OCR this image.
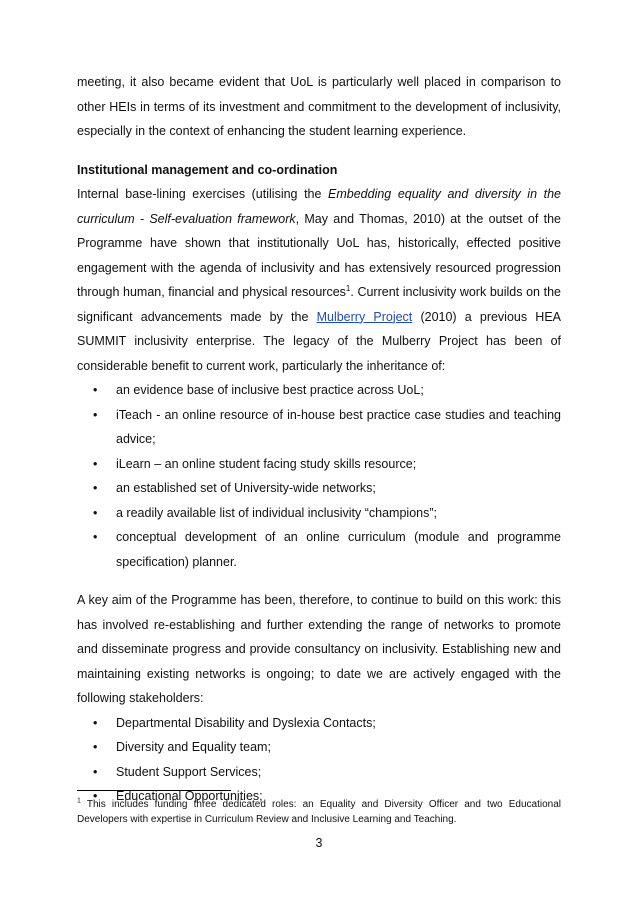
meeting, it also became evident that UoL is particularly well placed in comparison to other HEIs in terms of its investment and commitment to the development of inclusivity, especially in the context of enhancing the student learning experience.

Institutional management and co-ordination

Internal base-lining exercises (utilising the Embedding equality and diversity in the curriculum - Self-evaluation framework, May and Thomas, 2010) at the outset of the Programme have shown that institutionally UoL has, historically, effected positive engagement with the agenda of inclusivity and has extensively resourced progression through human, financial and physical resources$^1$. Current inclusivity work builds on the significant advancements made by the Mulberry Project (2010) a previous HEA SUMMIT inclusivity enterprise. The legacy of the Mulberry Project has been of considerable benefit to current work, particularly the inheritance of:

• an evidence base of inclusive best practice across UoL;
• iTeach - an online resource of in-house best practice case studies and teaching advice;
• iLearn – an online student facing study skills resource;
• an established set of University-wide networks;
• a readily available list of individual inclusivity “champions”;
• conceptual development of an online curriculum (module and programme specification) planner.

A key aim of the Programme has been, therefore, to continue to build on this work: this has involved re-establishing and further extending the range of networks to promote and disseminate progress and provide consultancy on inclusivity. Establishing new and maintaining existing networks is ongoing; to date we are actively engaged with the following stakeholders:

• Departmental Disability and Dyslexia Contacts;
• Diversity and Equality team;
• Student Support Services;
• Educational Opportunities;
$^1$ This includes funding three dedicated roles: an Equality and Diversity Officer and two Educational Developers with expertise in Curriculum Review and Inclusive Learning and Teaching.
3
